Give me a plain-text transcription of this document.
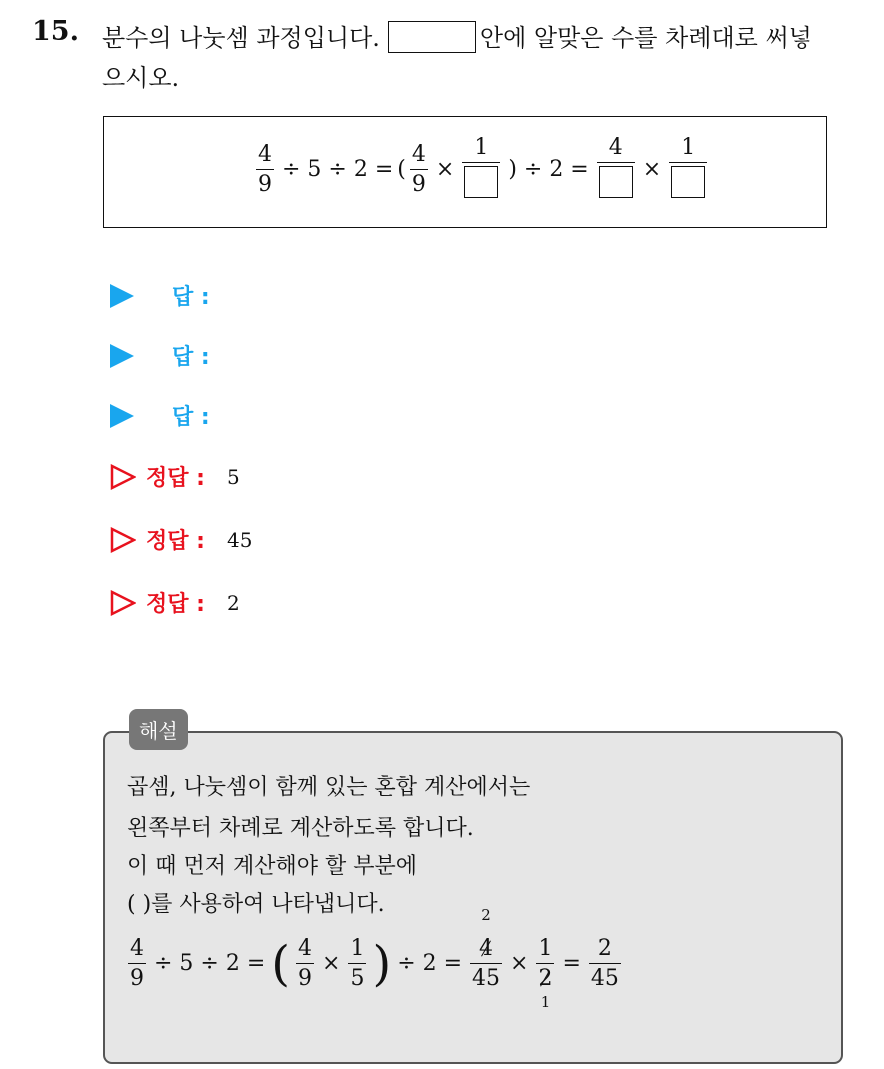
15. 분수의 나눗셈 과정입니다.	안에 알맞은 수를 차례대로 써넣
으시오.
$\frac{4}{9} \div 5 \div 2$ = ( $\frac{4}{9}$ ×
1
) ÷ 2 =
4
×
1
답 :
답 :
답 :
정답 : 5
정답 : 45
정답 : 2
해설
곱셈, 나눗셈이 함께 있는 혼합 계산에서는
왼쪽부터 차례로 계산하도록 합니다.
이 때 먼저 계산해야 할 부분에
( )를 사용하여 나타냅니다.
$\frac{4}{9} \div 5 \div 2$ = ( $\frac{4}{9} \times \frac{1}{5}$ ) ÷ 2 =
2
4
45
×
1
2
1
= $\frac{2}{45}$
